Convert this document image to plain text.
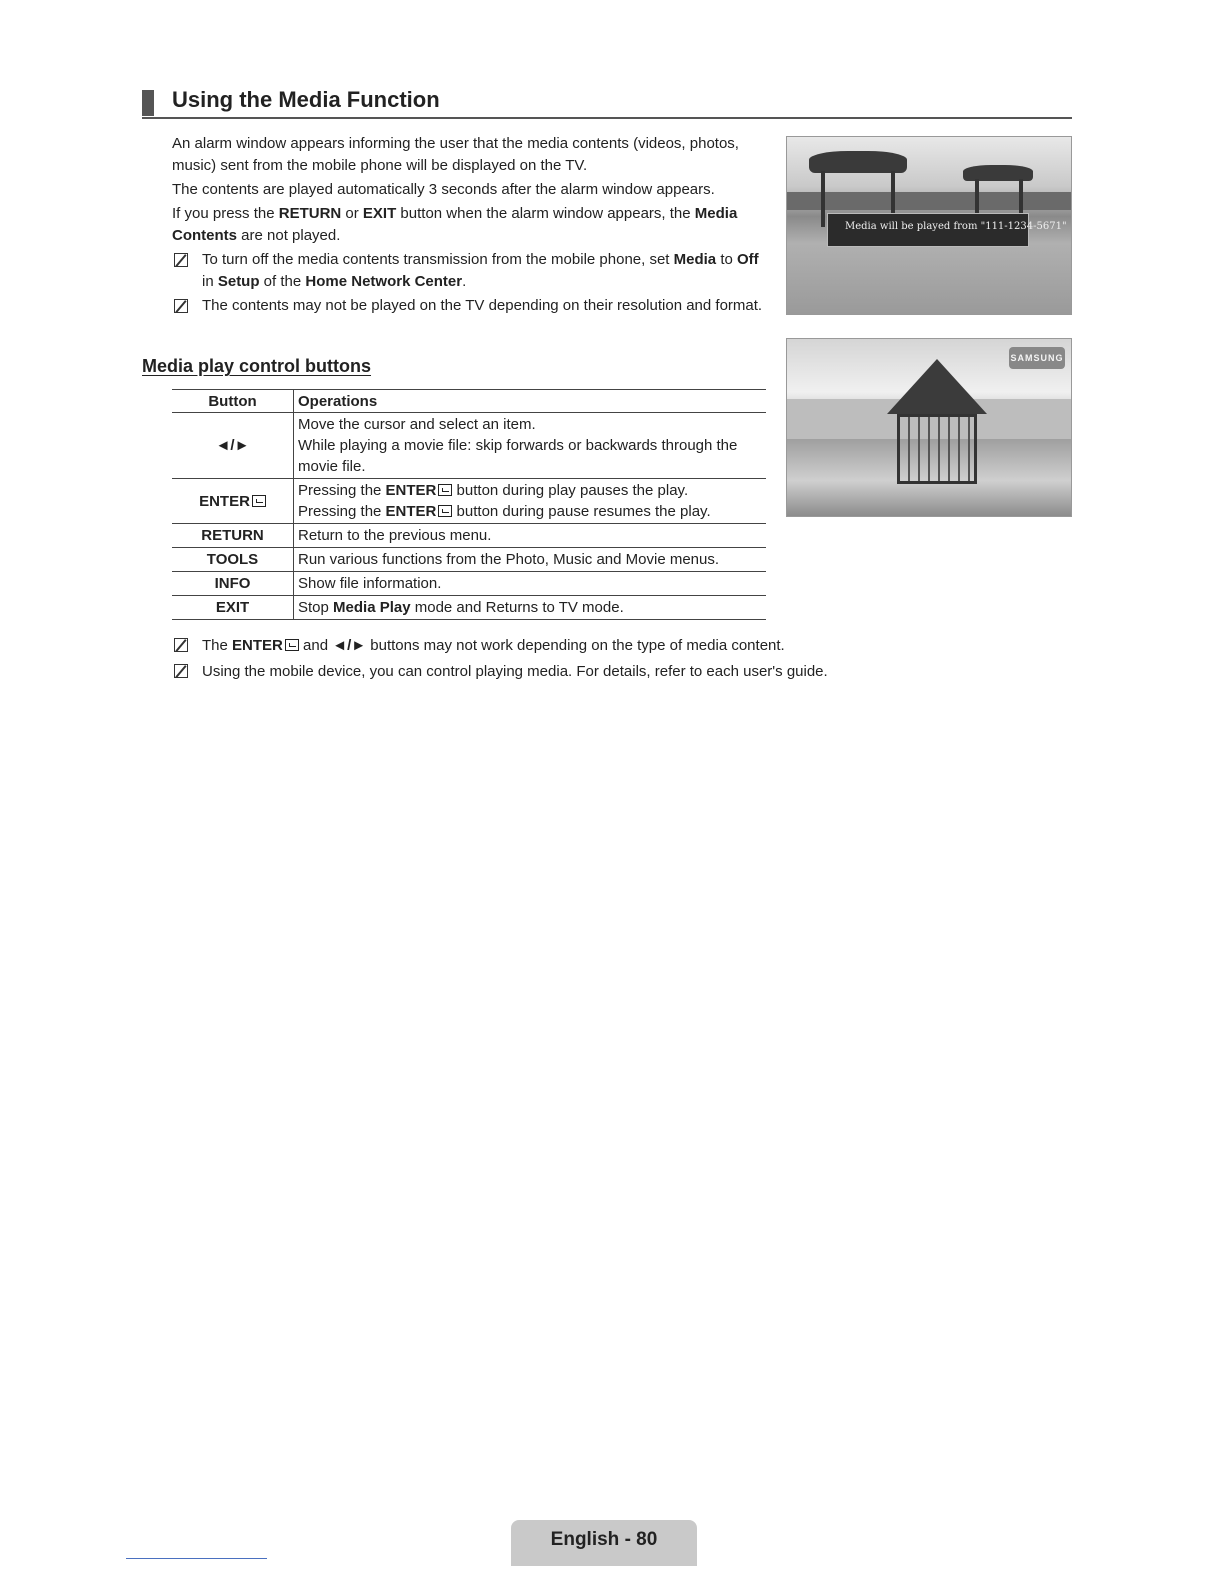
Using the Media Function

An alarm window appears informing the user that the media contents (videos, photos, music) sent from the mobile phone will be displayed on the TV.

The contents are played automatically 3 seconds after the alarm window appears.

If you press the RETURN or EXIT button when the alarm window appears, the Media Contents are not played.

To turn off the media contents transmission from the mobile phone, set Media to Off in Setup of the Home Network Center.
The contents may not be played on the TV depending on their resolution and format.
Media will be played from "111-1234-5671"
SAMSUNG
Media play control buttons
Button	Operations
◄/►	Move the cursor and select an item.
While playing a movie file: skip forwards or backwards through the movie file.

ENTER	Pressing the ENTER button during play pauses the play.
Pressing the ENTER button during pause resumes the play.

RETURN	Return to the previous menu.
TOOLS	Run various functions from the Photo, Music and Movie menus.
INFO	Show file information.
EXIT	Stop Media Play mode and Returns to TV mode.
The ENTER and ◄/► buttons may not work depending on the type of media content.
Using the mobile device, you can control playing media. For details, refer to each user's guide.
English - 80
